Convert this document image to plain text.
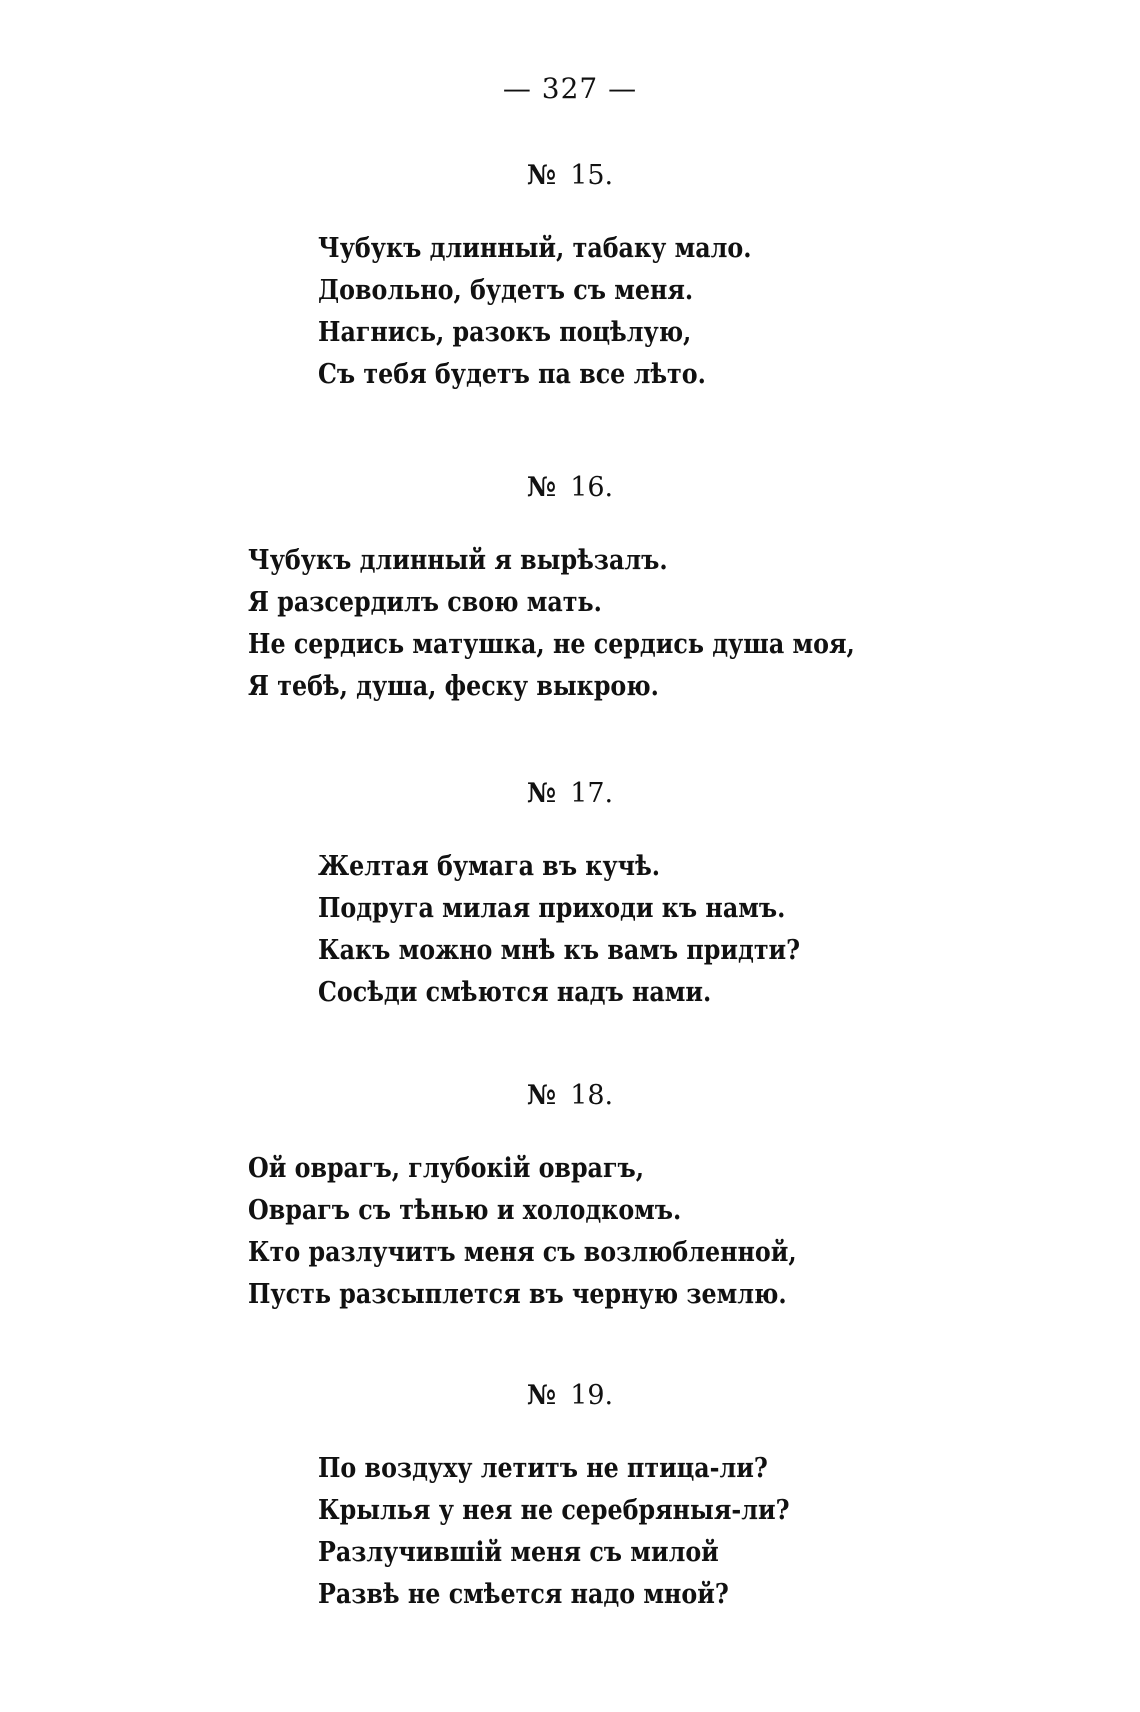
— 327 —
№ 15.
Чубукъ длинный, табаку мало.
Довольно, будетъ съ меня.
Нагнись, разокъ поцѣлую,
Съ тебя будетъ па все лѣто.
№ 16.
Чубукъ длинный я вырѣзалъ.
Я разсердилъ свою мать.
Не сердись матушка, не сердись душа моя,
Я тебѣ, душа, феску выкрою.
№ 17.
Желтая бумага въ кучѣ.
Подруга милая приходи къ намъ.
Какъ можно мнѣ къ вамъ придти?
Сосѣди смѣются надъ нами.
№ 18.
Ой оврагъ, глубокій оврагъ,
Оврагъ съ тѣнью и холодкомъ.
Кто разлучитъ меня съ возлюбленной,
Пусть разсыплется въ черную землю.
№ 19.
По воздуху летитъ не птица-ли?
Крылья у нея не серебряныя-ли?
Разлучившій меня съ милой
Развѣ не смѣется надо мной?
